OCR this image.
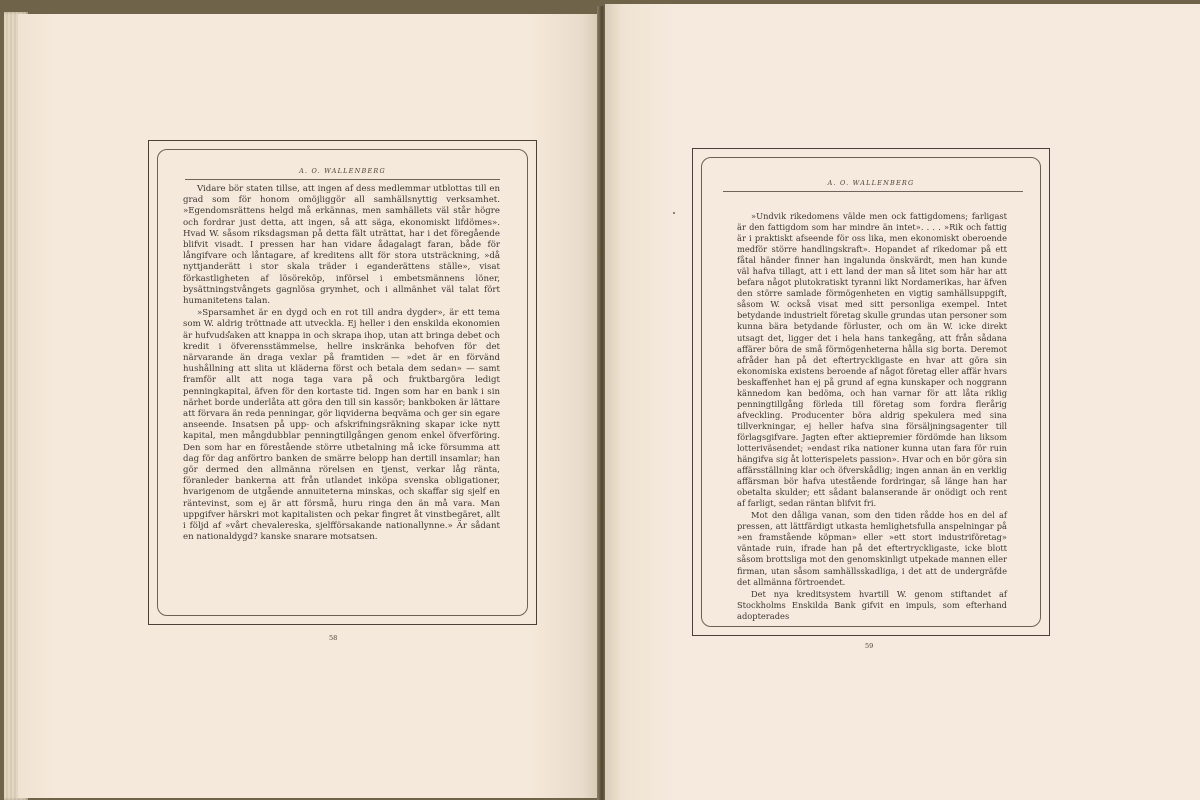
A. O. WALLENBERG

Vidare bör staten tillse, att ingen af dess medlemmar utblottas till en grad som för honom omöjliggör all samhällsnyttig verksamhet. »Egendomsrättens helgd må erkännas, men samhällets väl står högre och fordrar just detta, att ingen, så att säga, ekonomiskt lifdömes». Hvad W. såsom riksdagsman på detta fält uträttat, har i det föregående blifvit visadt. I pressen har han vidare ådagalagt faran, både för långifvare och låntagare, af kreditens allt för stora utsträckning, »då nyttjanderätt i stor skala träder i eganderättens ställe», visat förkastligheten af lösöreköp, införsel i embetsmännens löner, bysättningstvångets gagnlösa grymhet, och i allmänhet väl talat fört humanitetens talan.

»Sparsamhet är en dygd och en rot till andra dygder», är ett tema som W. aldrig tröttnade att utveckla. Ej heller i den enskilda ekonomien är hufvudsaken att knappa in och skrapa ihop, utan att bringa debet och kredit i öfverensstämmelse, hellre inskränka behofven för det närvarande än draga vexlar på framtiden — »det är en förvänd hushållning att slita ut kläderna först och betala dem sedan» — samt framför allt att noga taga vara på och fruktbargöra ledigt penningkapital, äfven för den kortaste tid. Ingen som har en bank i sin närhet borde underlåta att göra den till sin kassör; bankboken är lättare att förvara än reda penningar, gör liqviderna beqväma och ger sin egare anseende. Insatsen på upp- och afskrifningsräkning skapar icke nytt kapital, men mångdubblar penningtillgången genom enkel öfverföring. Den som har en förestående större utbetalning må icke försumma att dag för dag anförtro banken de smärre belopp han dertill insamlar; han gör dermed den allmänna rörelsen en tjenst, verkar låg ränta, föranleder bankerna att från utlandet inköpa svenska obligationer, hvarigenom de utgående annuiteterna minskas, och skaffar sig sjelf en räntevinst, som ej är att försmå, huru ringa den än må vara. Man uppgifver härskri mot kapitalisten och pekar fingret åt vinstbegäret, allt i följd af »vårt chevalereska, sjelfförsakande nationallynne.» Är sådant en nationaldygd? kanske snarare motsatsen.

A. O. WALLENBERG

»Undvik rikedomens välde men ock fattigdomens; farligast är den fattigdom som har mindre än intet». . . . »Rik och fattig är i praktiskt afseende för oss lika, men ekonomiskt oberoende medför större handlingskraft». Hopandet af rikedomar på ett fåtal händer finner han ingalunda önskvärdt, men han kunde väl hafva tillagt, att i ett land der man så litet som här har att befara något plutokratiskt tyranni likt Nordamerikas, har äfven den större samlade förmögenheten en vigtig samhällsuppgift, såsom W. också visat med sitt personliga exempel. Intet betydande industrielt företag skulle grundas utan personer som kunna bära betydande förluster, och om än W. icke direkt utsagt det, ligger det i hela hans tankegång, att från sådana affärer böra de små förmögenheterna hålla sig borta. Deremot afråder han på det eftertryckligaste en hvar att göra sin ekonomiska existens beroende af något företag eller affär hvars beskaffenhet han ej på grund af egna kunskaper och noggrann kännedom kan bedöma, och han varnar för att låta riklig penningtillgång förleda till företag som fordra flerårig afveckling. Producenter böra aldrig spekulera med sina tillverkningar, ej heller hafva sina försäljningsagenter till förlagsgifvare. Jagten efter aktiepremier fördömde han liksom lotteriväsendet; »endast rika nationer kunna utan fara för ruin hängifva sig åt lotterispelets passion». Hvar och en bör göra sin affärsställning klar och öfverskådlig; ingen annan än en verklig affärsman bör hafva utestående fordringar, så länge han har obetalta skulder; ett sådant balanserande är onödigt och rent af farligt, sedan räntan blifvit fri.

Mot den dåliga vanan, som den tiden rådde hos en del af pressen, att lättfärdigt utkasta hemlighetsfulla anspelningar på »en framstående köpman» eller »ett stort industriföretag» väntade ruin, ifrade han på det eftertryckligaste, icke blott såsom brottsliga mot den genomskinligt utpekade mannen eller firman, utan såsom samhällsskadliga, i det att de undergräfde det allmänna förtroendet.

Det nya kreditsystem hvartill W. genom stiftandet af Stockholms Enskilda Bank gifvit en impuls, som efterhand adopterades

58
59
